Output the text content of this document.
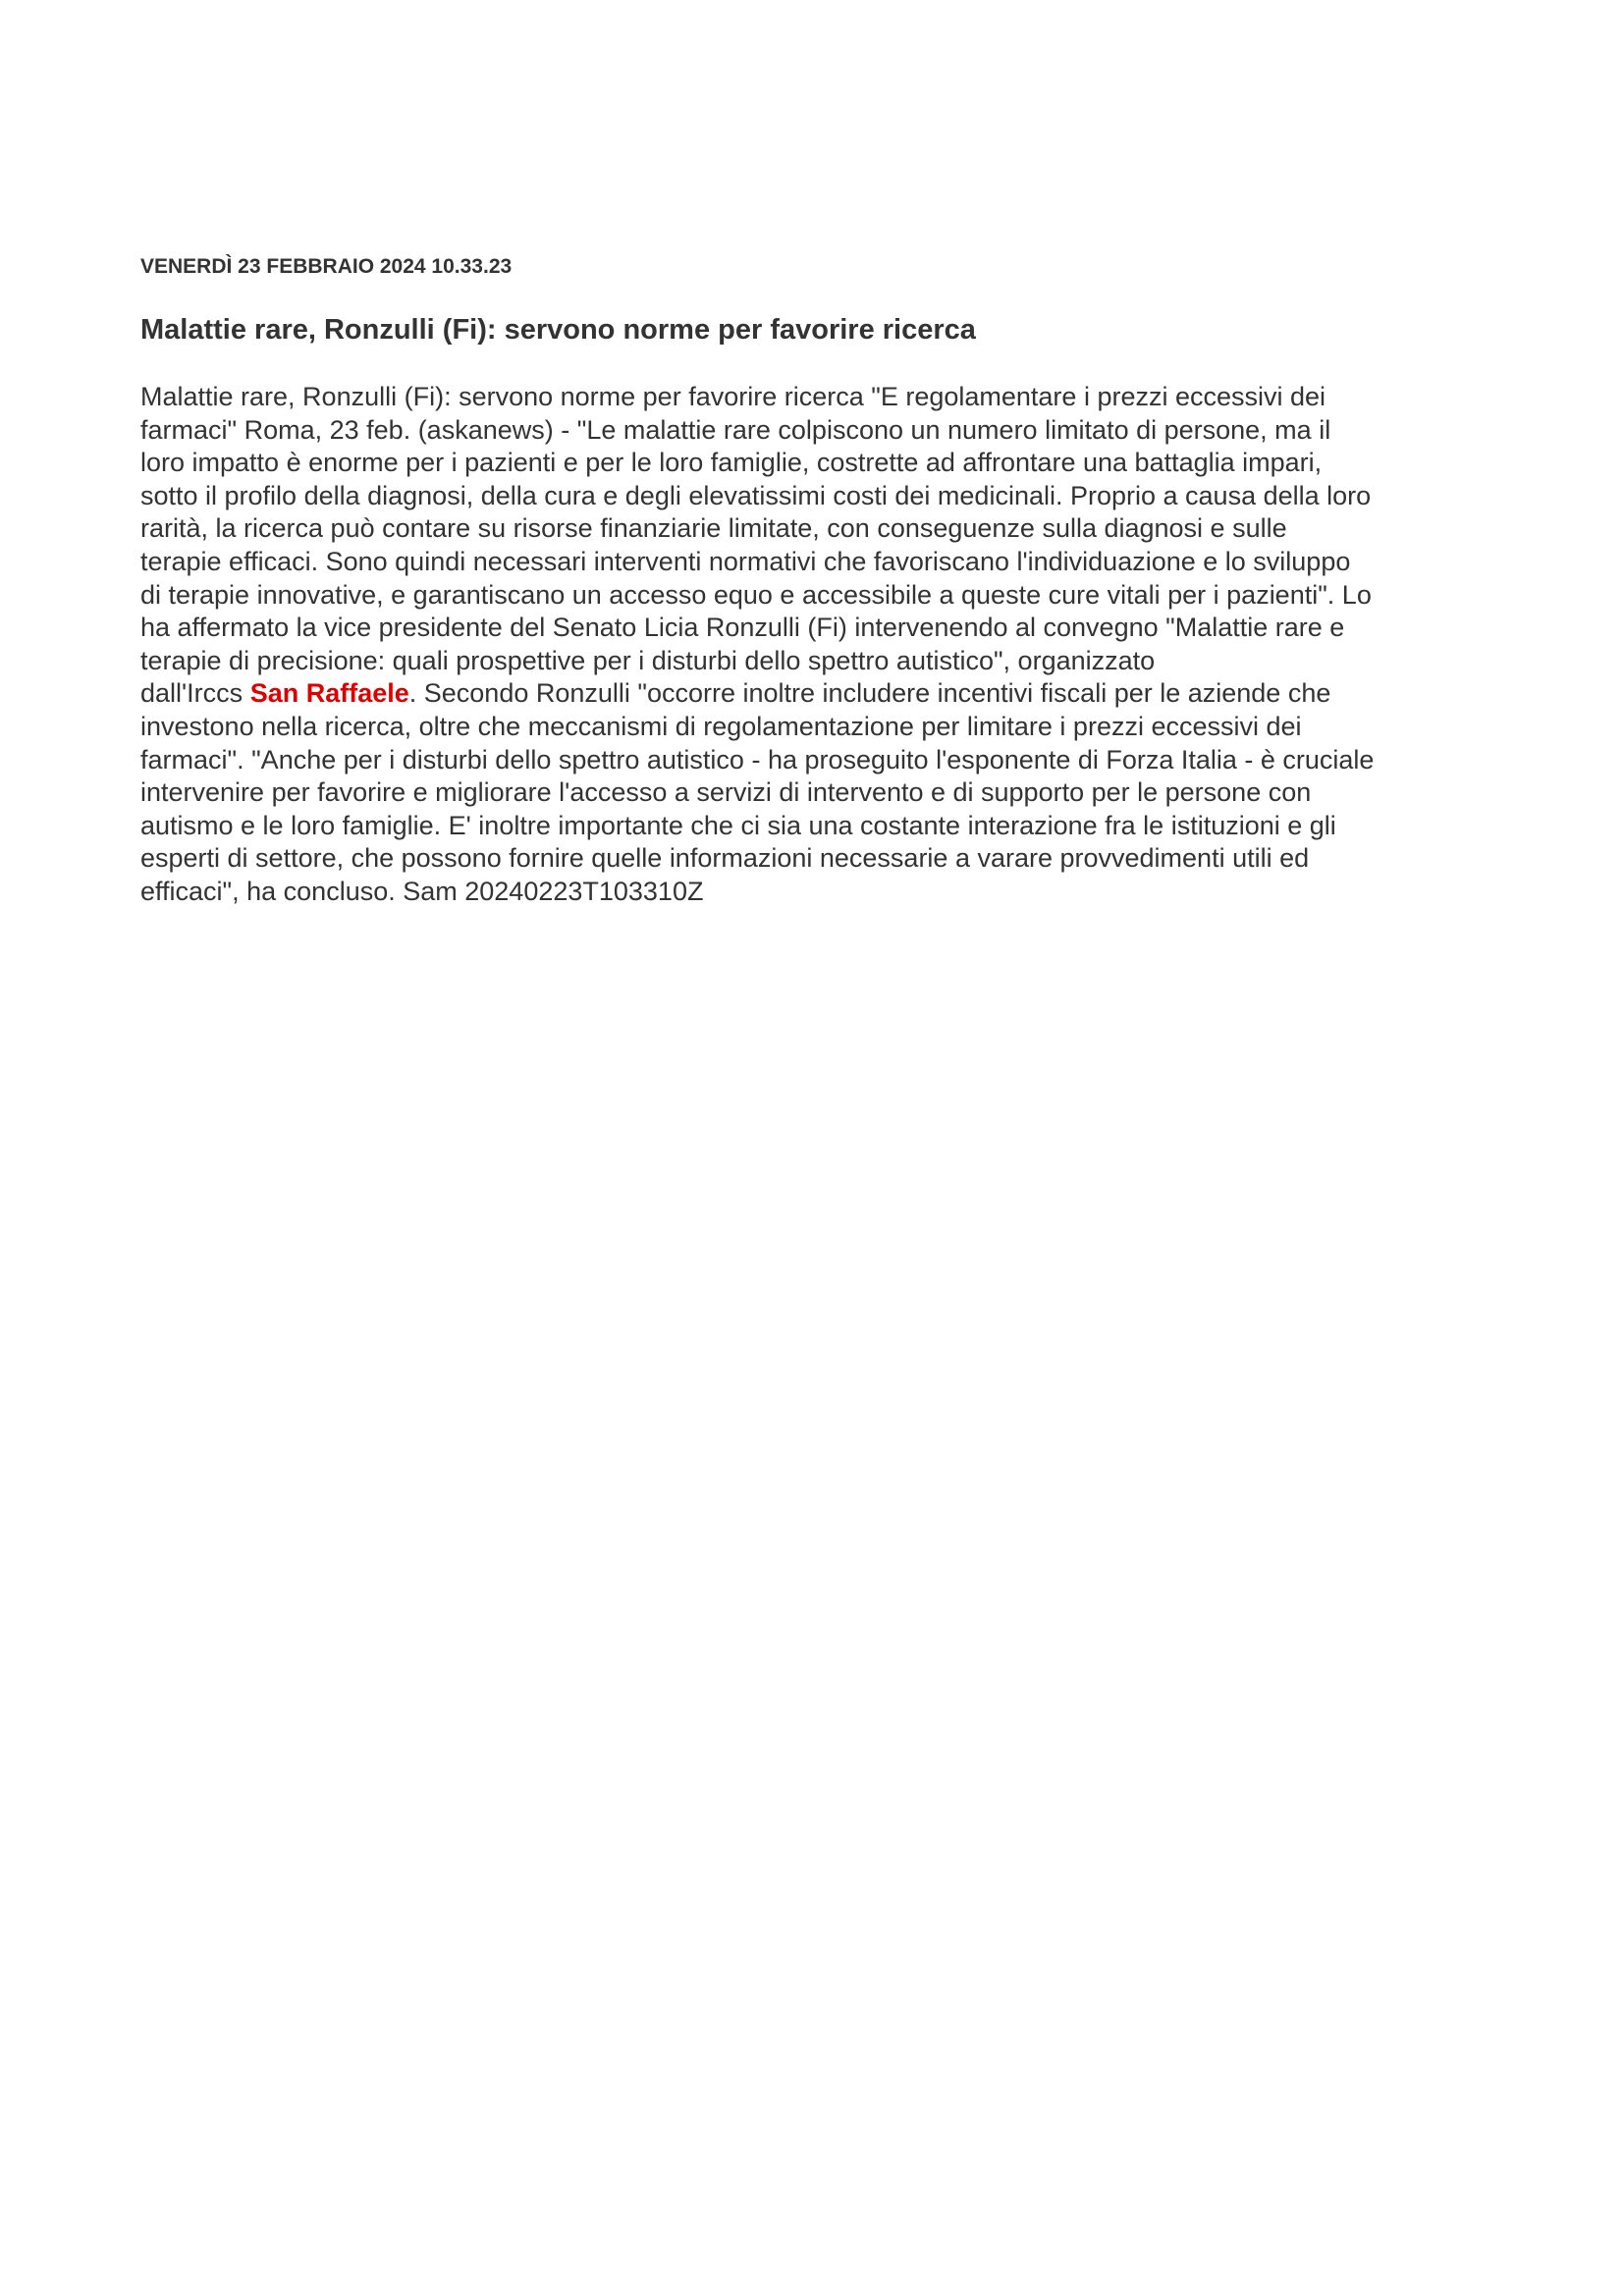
VENERDÌ 23 FEBBRAIO 2024 10.33.23

Malattie rare, Ronzulli (Fi): servono norme per favorire ricerca
Malattie rare, Ronzulli (Fi): servono norme per favorire ricerca "E regolamentare i prezzi eccessivi dei
farmaci" Roma, 23 feb. (askanews) - "Le malattie rare colpiscono un numero limitato di persone, ma il
loro impatto è enorme per i pazienti e per le loro famiglie, costrette ad affrontare una battaglia impari,
sotto il profilo della diagnosi, della cura e degli elevatissimi costi dei medicinali. Proprio a causa della loro
rarità, la ricerca può contare su risorse finanziarie limitate, con conseguenze sulla diagnosi e sulle
terapie efficaci. Sono quindi necessari interventi normativi che favoriscano l'individuazione e lo sviluppo
di terapie innovative, e garantiscano un accesso equo e accessibile a queste cure vitali per i pazienti". Lo
ha affermato la vice presidente del Senato Licia Ronzulli (Fi) intervenendo al convegno "Malattie rare e
terapie di precisione: quali prospettive per i disturbi dello spettro autistico", organizzato
dall'Irccs San Raffaele. Secondo Ronzulli "occorre inoltre includere incentivi fiscali per le aziende che
investono nella ricerca, oltre che meccanismi di regolamentazione per limitare i prezzi eccessivi dei
farmaci". "Anche per i disturbi dello spettro autistico - ha proseguito l'esponente di Forza Italia - è cruciale
intervenire per favorire e migliorare l'accesso a servizi di intervento e di supporto per le persone con
autismo e le loro famiglie. E' inoltre importante che ci sia una costante interazione fra le istituzioni e gli
esperti di settore, che possono fornire quelle informazioni necessarie a varare provvedimenti utili ed
efficaci", ha concluso. Sam 20240223T103310Z
